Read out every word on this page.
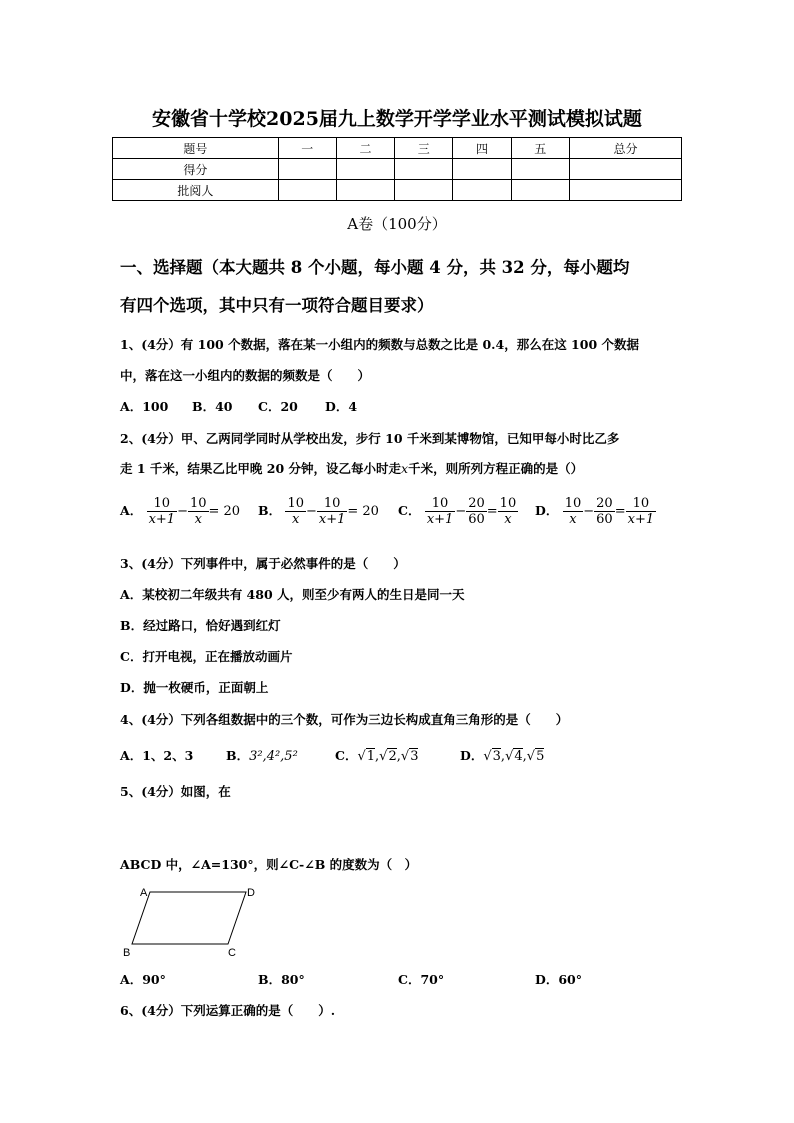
安徽省十学校2025届九上数学开学学业水平测试模拟试题
题号	一	二	三	四	五	总分
得分						
批阅人						
A卷（100分）
一、选择题（本大题共 8 个小题，每小题 4 分，共 32 分，每小题均
有四个选项，其中只有一项符合题目要求）
1、(4分）有 100 个数据，落在某一小组内的频数与总数之比是 0.4，那么在这 100 个数据
中，落在这一小组内的数据的频数是（　　）
A．100 B．40 C．20 D．4
2、(4分）甲、乙两同学同时从学校出发，步行 10 千米到某博物馆，已知甲每小时比乙多
走 1 千米，结果乙比甲晚 20 分钟，设乙每小时走x千米，则所列方程正确的是（）
A． $\frac{10}{x+1} - \frac{10}{x} = 20$ B． $\frac{10}{x} - \frac{10}{x+1} = 20$ C． $\frac{10}{x+1} - \frac{20}{60} = \frac{10}{x}$ D． $\frac{10}{x} - \frac{20}{60} = \frac{10}{x+1}$
3、(4分）下列事件中，属于必然事件的是（　　）
A．某校初二年级共有 480 人，则至少有两人的生日是同一天
B．经过路口，恰好遇到红灯
C．打开电视，正在播放动画片
D．抛一枚硬币，正面朝上
4、(4分）下列各组数据中的三个数，可作为三边长构成直角三角形的是（　　）
A．1、2、3	B．3²,4²,5²	C．√1,√2,√3	D．√3,√4,√5
5、(4分）如图，在
ABCD 中，∠A=130°，则∠C-∠B 的度数为（　）
A	D
B	C
A．90°	B．80°	C．70°	D．60°
6、(4分）下列运算正确的是（　　）.
